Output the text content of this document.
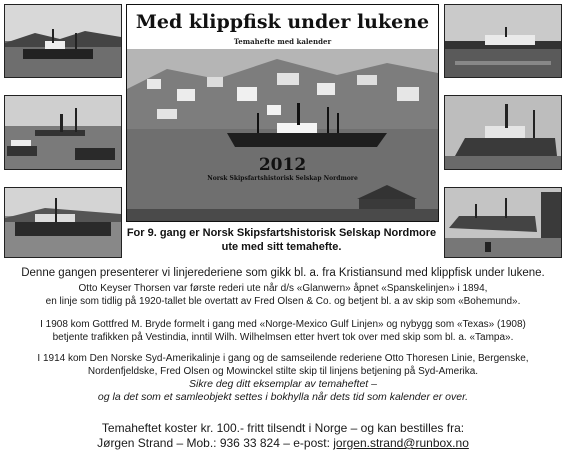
Med klippfisk under lukene
Temahefte med kalender
2012
Norsk Skipsfartshistorisk Selskap Nordmore
For 9. gang er Norsk Skipsfartshistorisk Selskap Nordmore
ute med sitt temahefte.
Denne gangen presenterer vi linjerederiene som gikk bl. a. fra Kristiansund med klippfisk under lukene.
Otto Keyser Thorsen var første rederi ute når d/s «Glanwern» åpnet «Spanskelinjen» i 1894,
en linje som tidlig på 1920-tallet ble overtatt av Fred Olsen & Co. og betjent bl. a av skip som «Bohemund».
I 1908 kom Gottfred M. Bryde formelt i gang med «Norge-Mexico Gulf Linjen» og nybygg som «Texas» (1908)
betjente trafikken på Vestindia, inntil Wilh. Wilhelmsen etter hvert tok over med skip som bl. a. «Tampa».
I 1914 kom Den Norske Syd-Amerikalinje i gang og de samseilende rederiene Otto Thoresen Linie, Bergenske,
Nordenfjeldske, Fred Olsen og Mowinckel stilte skip til linjens betjening på Syd-Amerika.
Sikre deg ditt eksemplar av temaheftet –
og la det som et samleobjekt settes i bokhylla når dets tid som kalender er over.
Temaheftet koster kr. 100.- fritt tilsendt i Norge – og kan bestilles fra:
Jørgen Strand – Mob.: 936 33 824 – e-post: jorgen.strand@runbox.no
